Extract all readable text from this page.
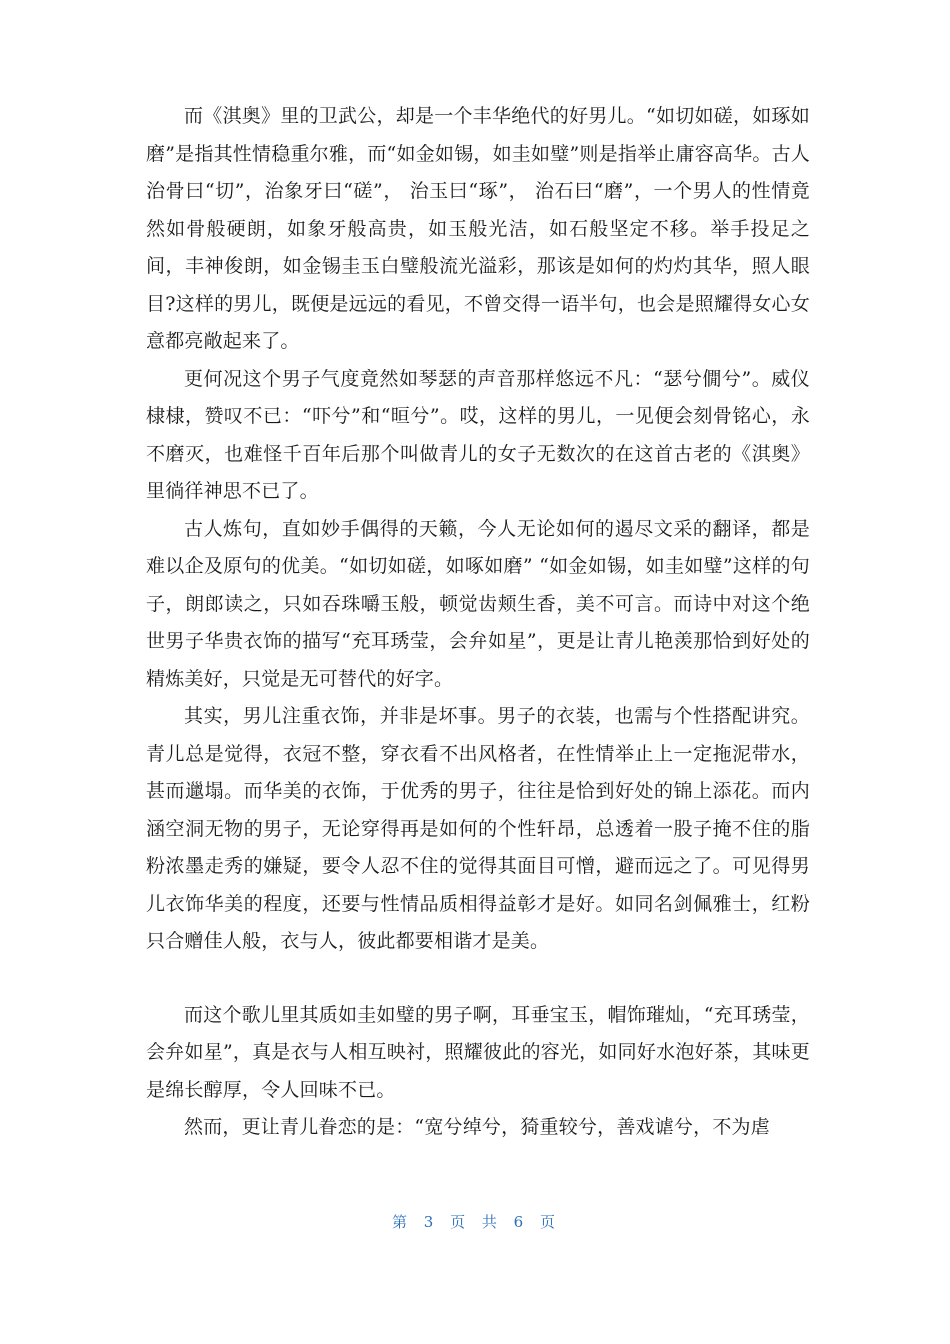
而《淇奥》里的卫武公，却是一个丰华绝代的好男儿。“如切如磋，如琢如磨”是指其性情稳重尔雅，而“如金如锡，如圭如璧”则是指举止庸容高华。古人治骨曰“切”，治象牙曰“磋”， 治玉曰“琢”， 治石曰“磨”，一个男人的性情竟然如骨般硬朗，如象牙般高贵，如玉般光洁，如石般坚定不移。举手投足之间，丰神俊朗，如金锡圭玉白璧般流光溢彩，那该是如何的灼灼其华，照人眼目?这样的男儿，既便是远远的看见，不曾交得一语半句，也会是照耀得女心女意都亮敞起来了。

更何况这个男子气度竟然如琴瑟的声音那样悠远不凡：“瑟兮僩兮”。威仪棣棣，赞叹不已：“吓兮”和“晅兮”。哎，这样的男儿，一见便会刻骨铭心，永不磨灭，也难怪千百年后那个叫做青儿的女子无数次的在这首古老的《淇奥》里徜徉神思不已了。

古人炼句，直如妙手偶得的天籁，今人无论如何的遏尽文采的翻译，都是难以企及原句的优美。“如切如磋，如啄如磨” “如金如锡，如圭如璧”这样的句子，朗郎读之，只如吞珠嚼玉般，顿觉齿颊生香，美不可言。而诗中对这个绝世男子华贵衣饰的描写“充耳琇莹，会弁如星”，更是让青儿艳羡那恰到好处的精炼美好，只觉是无可替代的好字。

其实，男儿注重衣饰，并非是坏事。男子的衣装，也需与个性搭配讲究。青儿总是觉得，衣冠不整，穿衣看不出风格者，在性情举止上一定拖泥带水，甚而邋塌。而华美的衣饰，于优秀的男子，往往是恰到好处的锦上添花。而内涵空洞无物的男子，无论穿得再是如何的个性轩昂，总透着一股子掩不住的脂粉浓墨走秀的嫌疑，要令人忍不住的觉得其面目可憎，避而远之了。可见得男儿衣饰华美的程度，还要与性情品质相得益彰才是好。如同名剑佩雅士，红粉只合赠佳人般，衣与人，彼此都要相谐才是美。

而这个歌儿里其质如圭如璧的男子啊，耳垂宝玉，帽饰璀灿，“充耳琇莹，会弁如星”，真是衣与人相互映衬，照耀彼此的容光，如同好水泡好茶，其味更是绵长醇厚，令人回味不已。

然而，更让青儿眷恋的是：“宽兮绰兮，猗重较兮，善戏谑兮，不为虐

第 3 页 共 6 页
